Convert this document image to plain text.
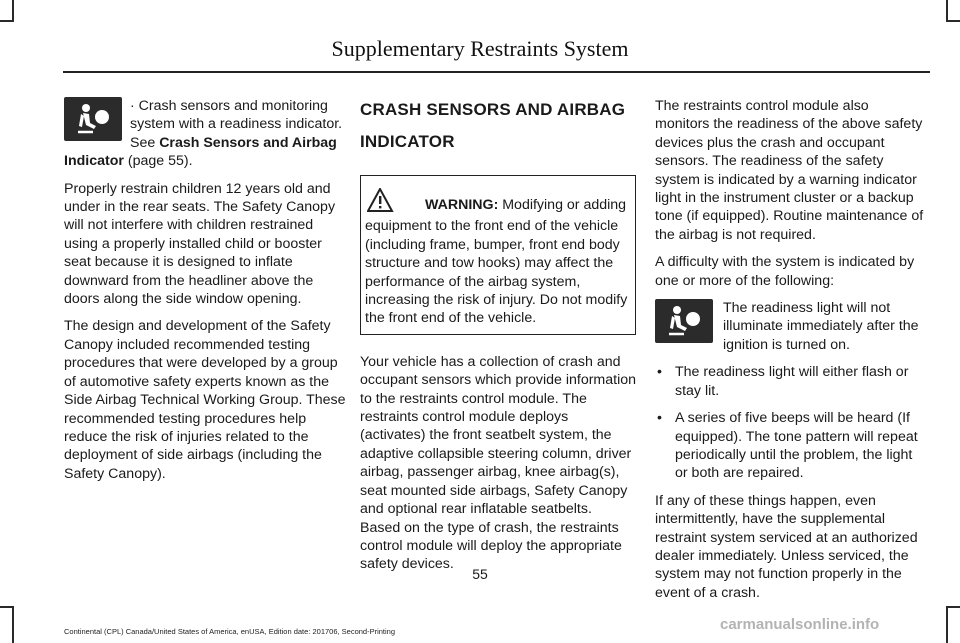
Supplementary Restraints System

· Crash sensors and monitoring system with a readiness indicator. See Crash Sensors and Airbag Indicator (page 55).

Properly restrain children 12 years old and under in the rear seats. The Safety Canopy will not interfere with children restrained using a properly installed child or booster seat because it is designed to inflate downward from the headliner above the doors along the side window opening.

The design and development of the Safety Canopy included recommended testing procedures that were developed by a group of automotive safety experts known as the Side Airbag Technical Working Group. These recommended testing procedures help reduce the risk of injuries related to the deployment of side airbags (including the Safety Canopy).

CRASH SENSORS AND AIRBAG
INDICATOR
WARNING: Modifying or adding equipment to the front end of the vehicle (including frame, bumper, front end body structure and tow hooks) may affect the performance of the airbag system, increasing the risk of injury. Do not modify the front end of the vehicle.

Your vehicle has a collection of crash and occupant sensors which provide information to the restraints control module. The restraints control module deploys (activates) the front seatbelt system, the adaptive collapsible steering column, driver airbag, passenger airbag, knee airbag(s), seat mounted side airbags, Safety Canopy and optional rear inflatable seatbelts. Based on the type of crash, the restraints control module will deploy the appropriate safety devices.

The restraints control module also monitors the readiness of the above safety devices plus the crash and occupant sensors. The readiness of the safety system is indicated by a warning indicator light in the instrument cluster or a backup tone (if equipped). Routine maintenance of the airbag is not required.

A difficulty with the system is indicated by one or more of the following:

The readiness light will not illuminate immediately after the ignition is turned on.
• The readiness light will either flash or stay lit.
• A series of five beeps will be heard (If equipped). The tone pattern will repeat periodically until the problem, the light or both are repaired.

If any of these things happen, even intermittently, have the supplemental restraint system serviced at an authorized dealer immediately. Unless serviced, the system may not function properly in the event of a crash.

55
Continental (CPL) Canada/United States of America, enUSA, Edition date: 201706, Second-Printing	carmanualsonline.info
